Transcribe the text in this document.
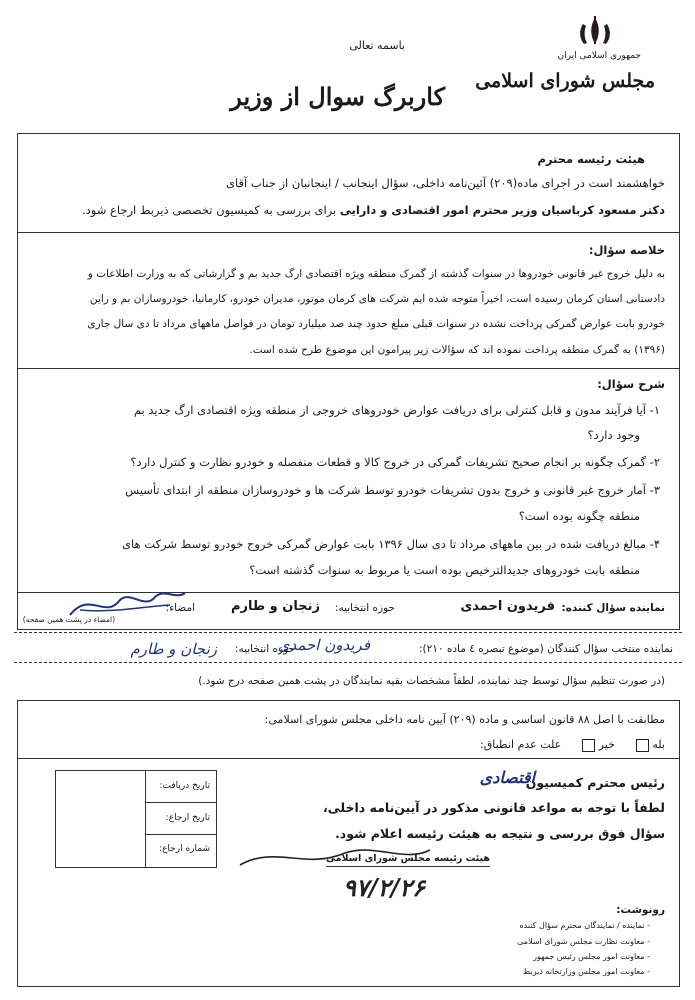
جمهوری اسلامی ایران
مجلس شورای اسلامی
باسمه تعالی
کاربرگ سوال از وزیر
هیئت رئیسه محترم
خواهشمند است در اجرای ماده(۲۰۹) آئین‌نامه داخلی، سؤال اینجانب / اینجانبان از جناب آقای
دکتر مسعود کرباسیان وزیر محترم امور اقتصادی و دارایی برای بررسی به کمیسیون تخصصی ذیربط ارجاع شود.
خلاصه سؤال:
به دلیل خروج غیر قانونی خودروها در سنوات گذشته از گمرک منطقه ویژه اقتصادی ارگ جدید بم و گزارشاتی که به وزارت اطلاعات و
دادستانی استان کرمان رسیده است، اخیراً متوجه شده ایم شرکت های کرمان موتور، مدیران خودرو، کارمانیا، خودروسازان بم و راین
خودرو بابت عوارض گمرکی پرداخت نشده در سنوات قبلی مبلغ حدود چند صد میلیارد تومان در فواصل ماههای مرداد تا دی سال جاری
(۱۳۹۶) به گمرک منطقه پرداخت نموده اند که سؤالات زیر پیرامون این موضوع طرح شده است.
شرح سؤال:
۱- آیا فرآیند مدون و قابل کنترلی برای دریافت عوارض خودروهای خروجی از منطقه ویژه اقتصادی ارگ جدید بم
وجود دارد؟
۲- گمرک چگونه بر انجام صحیح تشریفات گمرکی در خروج کالا و قطعات منفصله و خودرو نظارت و کنترل دارد؟
۳- آمار خروج غیر قانونی و خروج بدون تشریفات خودرو توسط شرکت ها و خودروسازان منطقه از ابتدای تأسیس
منطقه چگونه بوده است؟
۴- مبالغ دریافت شده در بین ماههای مرداد تا دی سال ۱۳۹۶ بابت عوارض گمرکی خروج خودرو توسط شرکت های
منطقه بابت خودروهای جدیدالترخیص بوده است یا مربوط به سنوات گذشته است؟
نماینده سؤال کننده:
فریدون احمدی
حوزه انتخابیه:
زنجان و طارم
امضاء:
(امضاء در پشت همین صفحه)
نماینده منتخب سؤال کنندگان (موضوع تبصره ٤ ماده ۲۱۰):
فریدون احمدی
حوزه انتخابیه:
زنجان و طارم
(در صورت تنظیم سؤال توسط چند نماینده، لطفاً مشخصات بقیه نمایندگان در پشت همین صفحه درج شود.)
مطابقت با اصل ۸۸ قانون اساسی و ماده (۲۰۹) آیین نامه داخلی مجلس شورای اسلامی:
بله       خیر       علت عدم انطباق:
رئیس محترم کمیسیون
اقتصادی
لطفاً با توجه به مواعد قانونی مذکور در آیین‌نامه داخلی،
سؤال فوق بررسی و نتیجه به هیئت رئیسه اعلام شود.
هیئت رئیسه مجلس شورای اسلامی
۹۷/۲/۲۶
تاریخ دریافت:
تاریخ ارجاع:
شماره ارجاع:
رونوشت:
- نماینده / نمایندگان محترم سؤال کننده
- معاونت نظارت مجلس شورای اسلامی
- معاونت امور مجلس رئیس جمهور
- معاونت امور مجلس وزارتخانه ذیربط
